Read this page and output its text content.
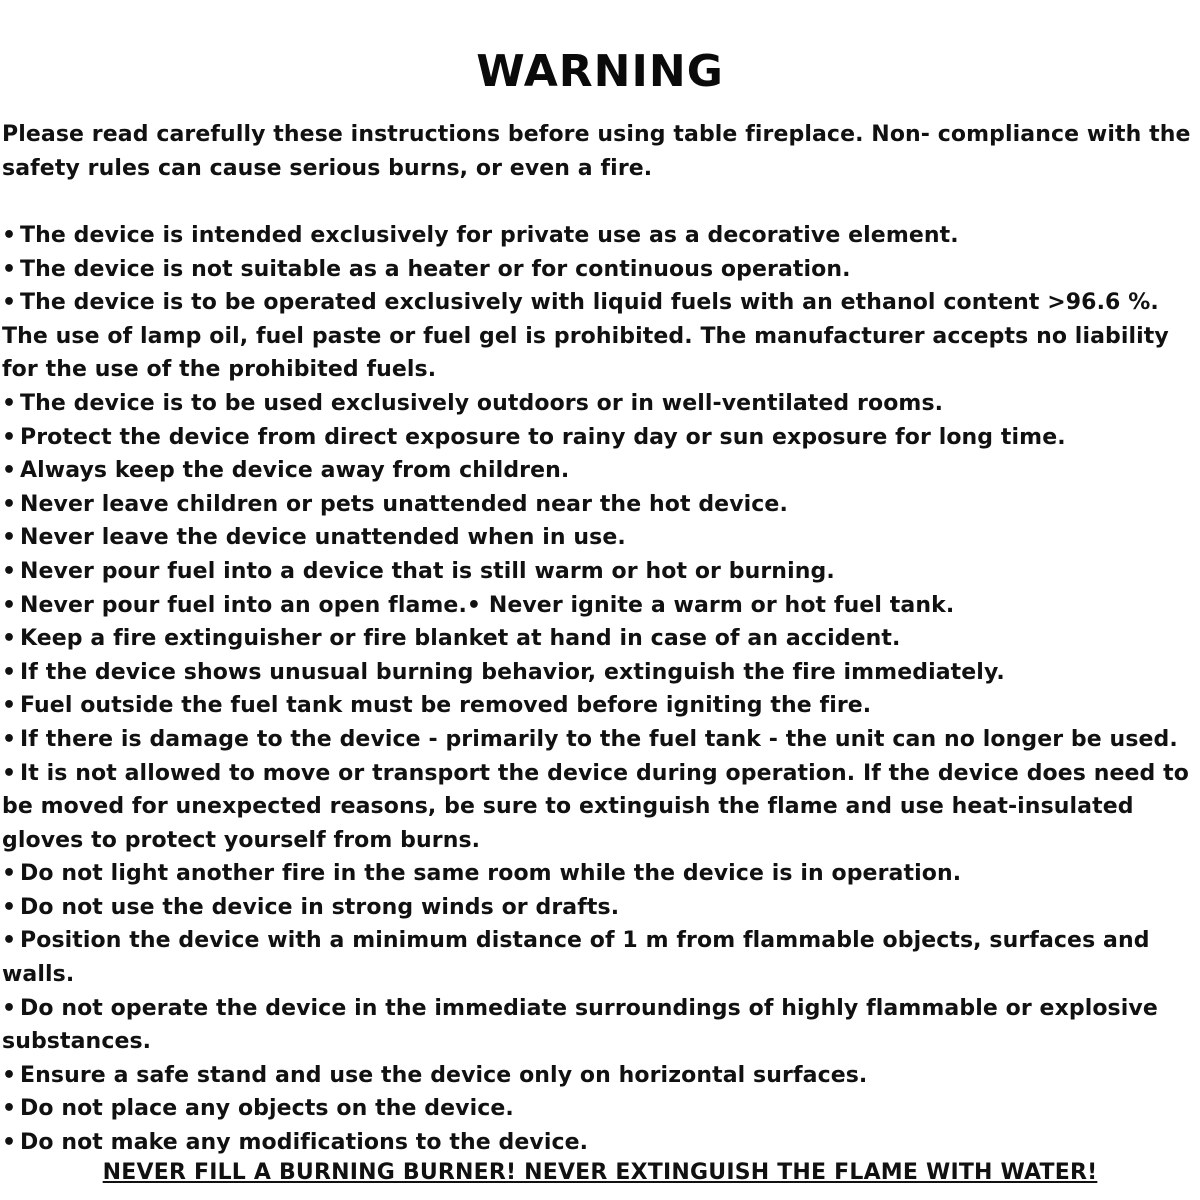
WARNING

Please read carefully these instructions before using table fireplace. Non- compliance with the safety rules can cause serious burns, or even a fire.

• The device is intended exclusively for private use as a decorative element.
• The device is not suitable as a heater or for continuous operation.
• The device is to be operated exclusively with liquid fuels with an ethanol content >96.6 %. The use of lamp oil, fuel paste or fuel gel is prohibited. The manufacturer accepts no liability for the use of the prohibited fuels.
• The device is to be used exclusively outdoors or in well-ventilated rooms.
• Protect the device from direct exposure to rainy day or sun exposure for long time.
• Always keep the device away from children.
• Never leave children or pets unattended near the hot device.
• Never leave the device unattended when in use.
• Never pour fuel into a device that is still warm or hot or burning.
• Never pour fuel into an open flame.• Never ignite a warm or hot fuel tank.
• Keep a fire extinguisher or fire blanket at hand in case of an accident.
• If the device shows unusual burning behavior, extinguish the fire immediately.
• Fuel outside the fuel tank must be removed before igniting the fire.
• If there is damage to the device - primarily to the fuel tank - the unit can no longer be used.
• It is not allowed to move or transport the device during operation. If the device does need to be moved for unexpected reasons, be sure to extinguish the flame and use heat-insulated gloves to protect yourself from burns.
• Do not light another fire in the same room while the device is in operation.
• Do not use the device in strong winds or drafts.
• Position the device with a minimum distance of 1 m from flammable objects, surfaces and walls.
• Do not operate the device in the immediate surroundings of highly flammable or explosive substances.
• Ensure a safe stand and use the device only on horizontal surfaces.
• Do not place any objects on the device.
• Do not make any modifications to the device.

NEVER FILL A BURNING BURNER! NEVER EXTINGUISH THE FLAME WITH WATER!
